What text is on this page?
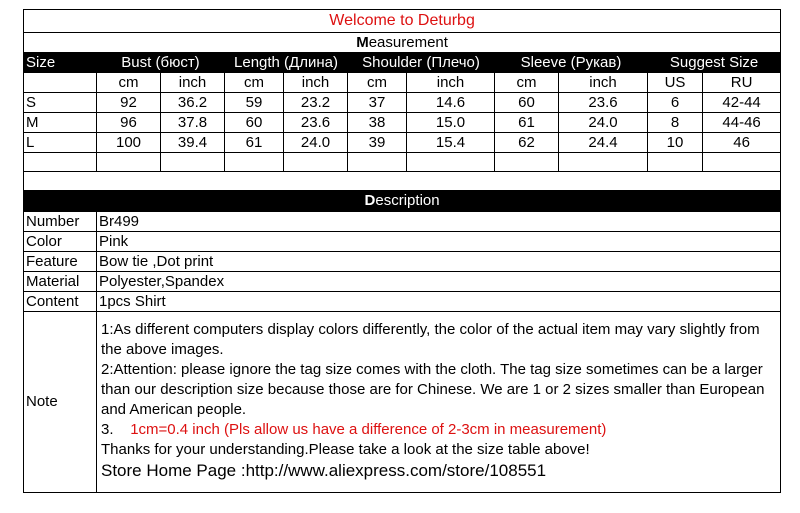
Welcome to Deturbg										
Measurement										
Size	Bust (бюст)		Length (Длина)		Shoulder (Плечо)		Sleeve (Рукав)		Suggest Size	
	cm	inch	cm	inch	cm	inch	cm	inch	US	RU
S	92	36.2	59	23.2	37	14.6	60	23.6	6	42-44
M	96	37.8	60	23.6	38	15.0	61	24.0	8	44-46
L	100	39.4	61	24.0	39	15.4	62	24.4	10	46

Description										
Number	Br499
Color	Pink
Feature	Bow tie ,Dot print
Material	Polyester,Spandex
Content	1pcs Shirt
Note	1:As different computers display colors differently, the color of the actual item may vary slightly from the above images.
2:Attention: please ignore the tag size comes with the cloth. The tag size sometimes can be a larger than our description size because those are for Chinese. We are 1 or 2 sizes smaller than European and American people.
3. 1cm=0.4 inch (Pls allow us have a difference of 2-3cm in measurement)
Thanks for your understanding.Please take a look at the size table above!
Store Home Page :http://www.aliexpress.com/store/108551
